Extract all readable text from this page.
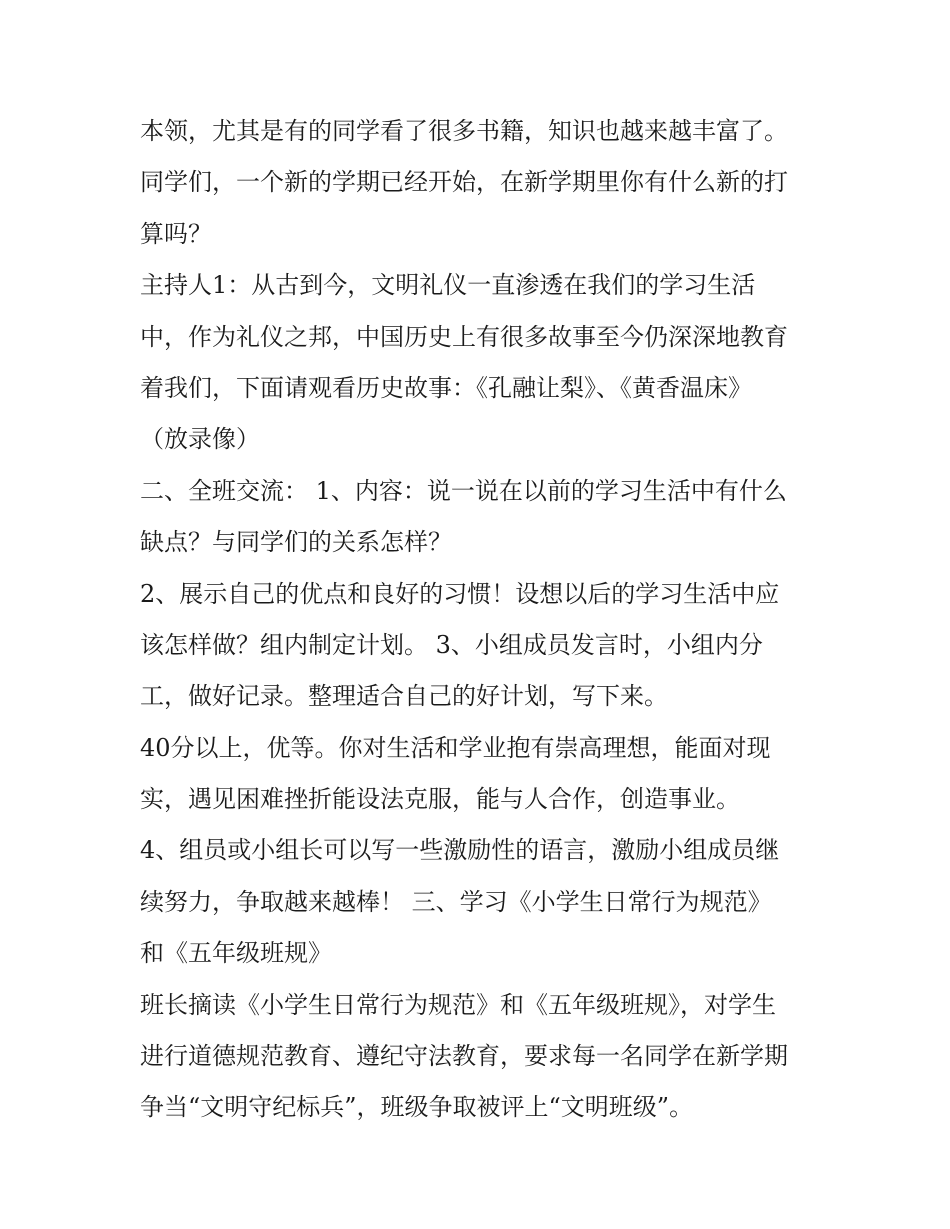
本领，尤其是有的同学看了很多书籍，知识也越来越丰富了。
同学们，一个新的学期已经开始，在新学期里你有什么新的打
算吗？
主持人1：从古到今，文明礼仪一直渗透在我们的学习生活
中，作为礼仪之邦，中国历史上有很多故事至今仍深深地教育
着我们，下面请观看历史故事：《孔融让梨》、《黄香温床》
（放录像）
二、全班交流： 1、内容：说一说在以前的学习生活中有什么
缺点？与同学们的关系怎样？
2、展示自己的优点和良好的习惯！设想以后的学习生活中应
该怎样做？组内制定计划。 3、小组成员发言时，小组内分
工，做好记录。整理适合自己的好计划，写下来。
40分以上，优等。你对生活和学业抱有崇高理想，能面对现
实，遇见困难挫折能设法克服，能与人合作，创造事业。
4、组员或小组长可以写一些激励性的语言，激励小组成员继
续努力，争取越来越棒！ 三、学习《小学生日常行为规范》
和《五年级班规》
班长摘读《小学生日常行为规范》和《五年级班规》，对学生
进行道德规范教育、遵纪守法教育，要求每一名同学在新学期
争当“文明守纪标兵”，班级争取被评上“文明班级”。
